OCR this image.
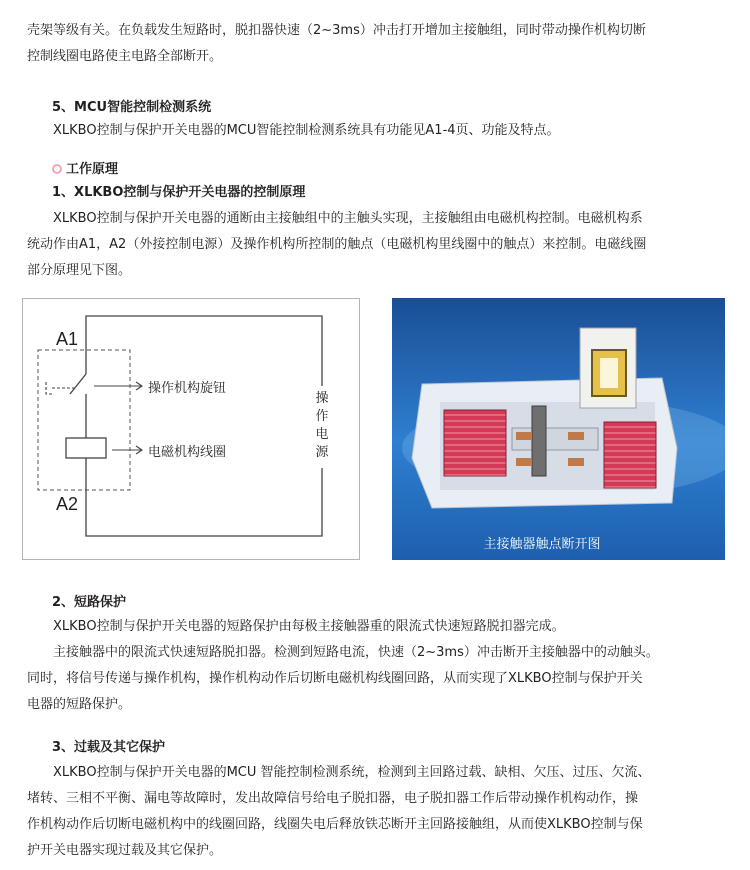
壳架等级有关。在负载发生短路时，脱扣器快速（2~3ms）冲击打开增加主接触组，同时带动操作机构切断

控制线圈电路使主电路全部断开。

5、MCU智能控制检测系统

XLKBO控制与保护开关电器的MCU智能控制检测系统具有功能见A1-4页、功能及特点。

工作原理
1、XLKBO控制与保护开关电器的控制原理

XLKBO控制与保护开关电器的通断由主接触组中的主触头实现，主接触组由电磁机构控制。电磁机构系

统动作由A1，A2（外接控制电源）及操作机构所控制的触点（电磁机构里线圈中的触点）来控制。电磁线圈

部分原理见下图。

A1
A2
操作机构旋钮
电磁机构线圈
操
作
电
源
主接触器触点断开图
2、短路保护

XLKBO控制与保护开关电器的短路保护由每极主接触器重的限流式快速短路脱扣器完成。

主接触器中的限流式快速短路脱扣器。检测到短路电流，快速（2~3ms）冲击断开主接触器中的动触头。

同时，将信号传递与操作机构，操作机构动作后切断电磁机构线圈回路，从而实现了XLKBO控制与保护开关

电器的短路保护。

3、过载及其它保护

XLKBO控制与保护开关电器的MCU 智能控制检测系统，检测到主回路过载、缺相、欠压、过压、欠流、

堵转、三相不平衡、漏电等故障时，发出故障信号给电子脱扣器，电子脱扣器工作后带动操作机构动作，操

作机构动作后切断电磁机构中的线圈回路，线圈失电后释放铁芯断开主回路接触组，从而使XLKBO控制与保

护开关电器实现过载及其它保护。
